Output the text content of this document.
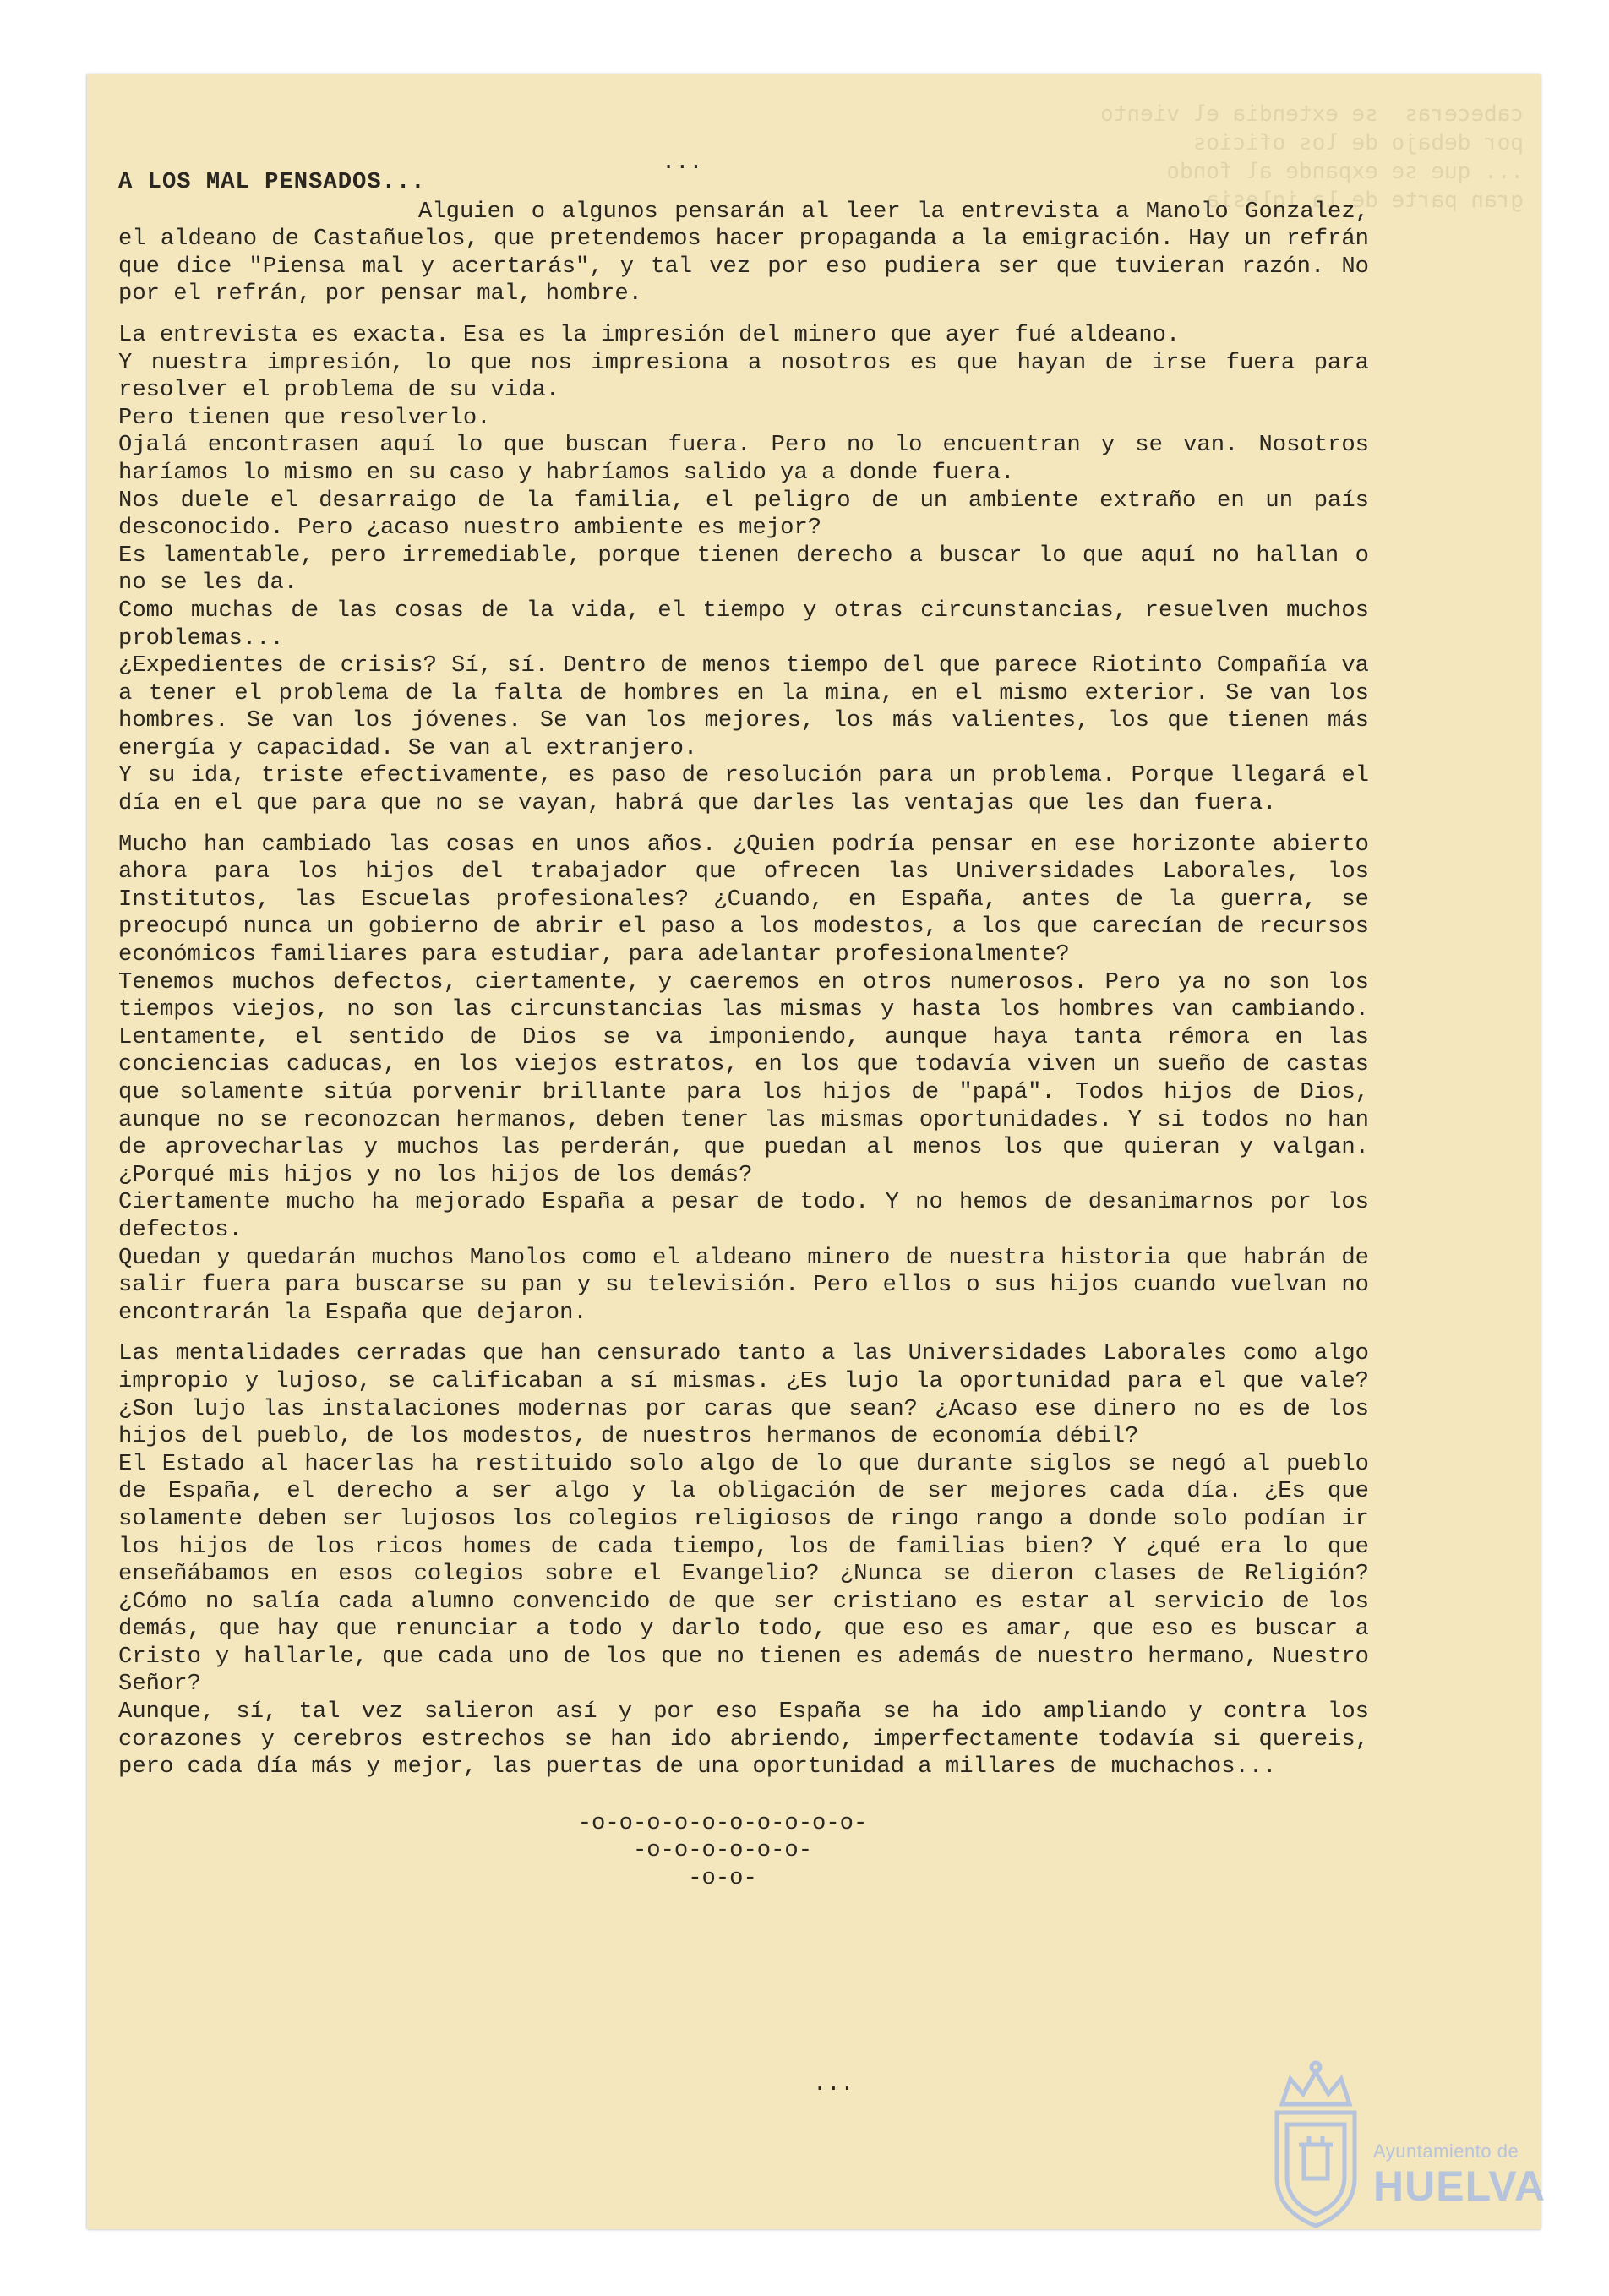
cabeceras  se extendia el viento
por debajo de los oficios
... que se expande al fondo
gran parte de la iglesia
...
A LOS MAL PENSADOS...

Alguien o algunos pensarán al leer la entrevista a Manolo Gonzalez, el aldeano de Castañuelos, que pretendemos hacer propaganda a la emigración. Hay un refrán que dice "Piensa mal y acertarás", y tal vez por eso pudiera ser que tuvieran razón. No por el refrán, por pensar mal, hombre.

La entrevista es exacta. Esa es la impresión del minero que ayer fué aldeano.

Y nuestra impresión, lo que nos impresiona a nosotros es que hayan de irse fuera para resolver el problema de su vida.

Pero tienen que resolverlo.

Ojalá encontrasen aquí lo que buscan fuera. Pero no lo encuentran y se van. Nosotros haríamos lo mismo en su caso y habríamos salido ya a donde fuera.

Nos duele el desarraigo de la familia, el peligro de un ambiente extraño en un país desconocido. Pero ¿acaso nuestro ambiente es mejor?

Es lamentable, pero irremediable, porque tienen derecho a buscar lo que aquí no hallan o no se les da.

Como muchas de las cosas de la vida, el tiempo y otras circunstancias, resuelven muchos problemas...

¿Expedientes de crisis? Sí, sí. Dentro de menos tiempo del que parece Riotinto Compañía va a tener el problema de la falta de hombres en la mina, en el mismo exterior. Se van los hombres. Se van los jóvenes. Se van los mejores, los más valientes, los que tienen más energía y capacidad. Se van al extranjero.

Y su ida, triste efectivamente, es paso de resolución para un problema. Porque llegará el día en el que para que no se vayan, habrá que darles las ventajas que les dan fuera.

Mucho han cambiado las cosas en unos años. ¿Quien podría pensar en ese horizonte abierto ahora para los hijos del trabajador que ofrecen las Universidades Laborales, los Institutos, las Escuelas profesionales? ¿Cuando, en España, antes de la guerra, se preocupó nunca un gobierno de abrir el paso a los modestos, a los que carecían de recursos económicos familiares para estudiar, para adelantar profesionalmente?

Tenemos muchos defectos, ciertamente, y caeremos en otros numerosos. Pero ya no son los tiempos viejos, no son las circunstancias las mismas y hasta los hombres van cambiando. Lentamente, el sentido de Dios se va imponiendo, aunque haya tanta rémora en las conciencias caducas, en los viejos estratos, en los que todavía viven un sueño de castas que solamente sitúa porvenir brillante para los hijos de "papá". Todos hijos de Dios, aunque no se reconozcan hermanos, deben tener las mismas oportunidades. Y si todos no han de aprovecharlas y muchos las perderán, que puedan al menos los que quieran y valgan. ¿Porqué mis hijos y no los hijos de los demás?

Ciertamente mucho ha mejorado España a pesar de todo. Y no hemos de desanimarnos por los defectos.

Quedan y quedarán muchos Manolos como el aldeano minero de nuestra historia que habrán de salir fuera para buscarse su pan y su televisión. Pero ellos o sus hijos cuando vuelvan no encontrarán la España que dejaron.

Las mentalidades cerradas que han censurado tanto a las Universidades Laborales como algo impropio y lujoso, se calificaban a sí mismas. ¿Es lujo la oportunidad para el que vale? ¿Son lujo las instalaciones modernas por caras que sean? ¿Acaso ese dinero no es de los hijos del pueblo, de los modestos, de nuestros hermanos de economía débil?

El Estado al hacerlas ha restituido solo algo de lo que durante siglos se negó al pueblo de España, el derecho a ser algo y la obligación de ser mejores cada día. ¿Es que solamente deben ser lujosos los colegios religiosos de ringo rango a donde solo podían ir los hijos de los ricos homes de cada tiempo, los de familias bien? Y ¿qué era lo que enseñábamos en esos colegios sobre el Evangelio? ¿Nunca se dieron clases de Religión? ¿Cómo no salía cada alumno convencido de que ser cristiano es estar al servicio de los demás, que hay que renunciar a todo y darlo todo, que eso es amar, que eso es buscar a Cristo y hallarle, que cada uno de los que no tienen es además de nuestro hermano, Nuestro Señor?

Aunque, sí, tal vez salieron así y por eso España se ha ido ampliando y contra los corazones y cerebros estrechos se han ido abriendo, imperfectamente todavía si quereis, pero cada día más y mejor, las puertas de una oportunidad a millares de muchachos...

-o-o-o-o-o-o-o-o-o-o-
-o-o-o-o-o-o-
-o-o-
...
Ayuntamiento de
HUELVA
